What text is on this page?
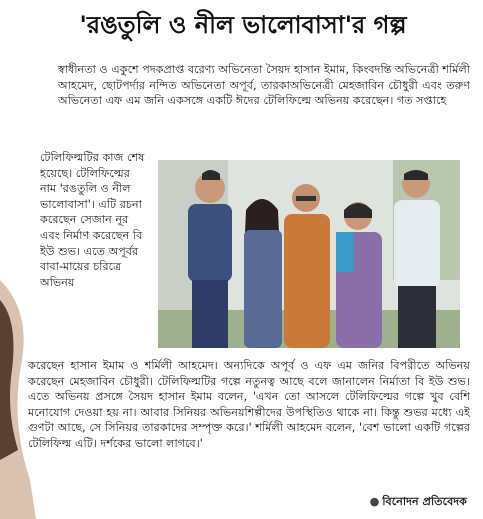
'রঙতুলি ও নীল ভালোবাসা'র গল্প
স্বাধীনতা ও একুশে পদকপ্রাপ্ত বরেণ্য অভিনেতা সৈয়দ হাসান ইমাম, কিংবদন্তি অভিনেত্রী শর্মিলী আহমেদ, ছোটপর্দার নন্দিত অভিনেতা অপূর্ব, তারকাঅভিনেত্রী মেহজাবিন চৌধুরী এবং তরুণ অভিনেতা এফ এম জনি একসঙ্গে একটি ঈদের টেলিফিল্মে অভিনয় করেছেন। গত সপ্তাহে
টেলিফিল্মটির কাজ শেষ হয়েছে। টেলিফিল্মের নাম 'রঙতুলি ও নীল ভালোবাসা'। এটি রচনা করেছেন সেজান নূর এবং নির্মাণ করেছেন বি ইউ শুভ। এতে অপূর্বর বাবা-মায়ের চরিত্রে অভিনয়
করেছেন হাসান ইমাম ও শর্মিলী আহমেদ। অন্যদিকে অপূর্ব ও এফ এম জনির বিপরীতে অভিনয় করেছেন মেহজাবিন চৌধুরী। টেলিফিল্মটির গল্পে নতুনত্ব আছে বলে জানালেন নির্মাতা বি ইউ শুভ। এতে অভিনয় প্রসঙ্গে সৈয়দ হাসান ইমাম বলেন, 'এখন তো আসলে টেলিফিল্মের গল্পে খুব বেশি মনোযোগ দেওয়া হয় না। আবার সিনিয়র অভিনয়শিল্পীদের উপস্থিতিও থাকে না। কিন্তু শুভর মধ্যে এই গুণটা আছে, সে সিনিয়র তারকাদের সম্পৃক্ত করে।' শর্মিলী আহমেদ বলেন, 'বেশ ভালো একটি গল্পের টেলিফিল্ম এটি। দর্শকের ভালো লাগবে।'
● বিনোদন প্রতিবেদক
